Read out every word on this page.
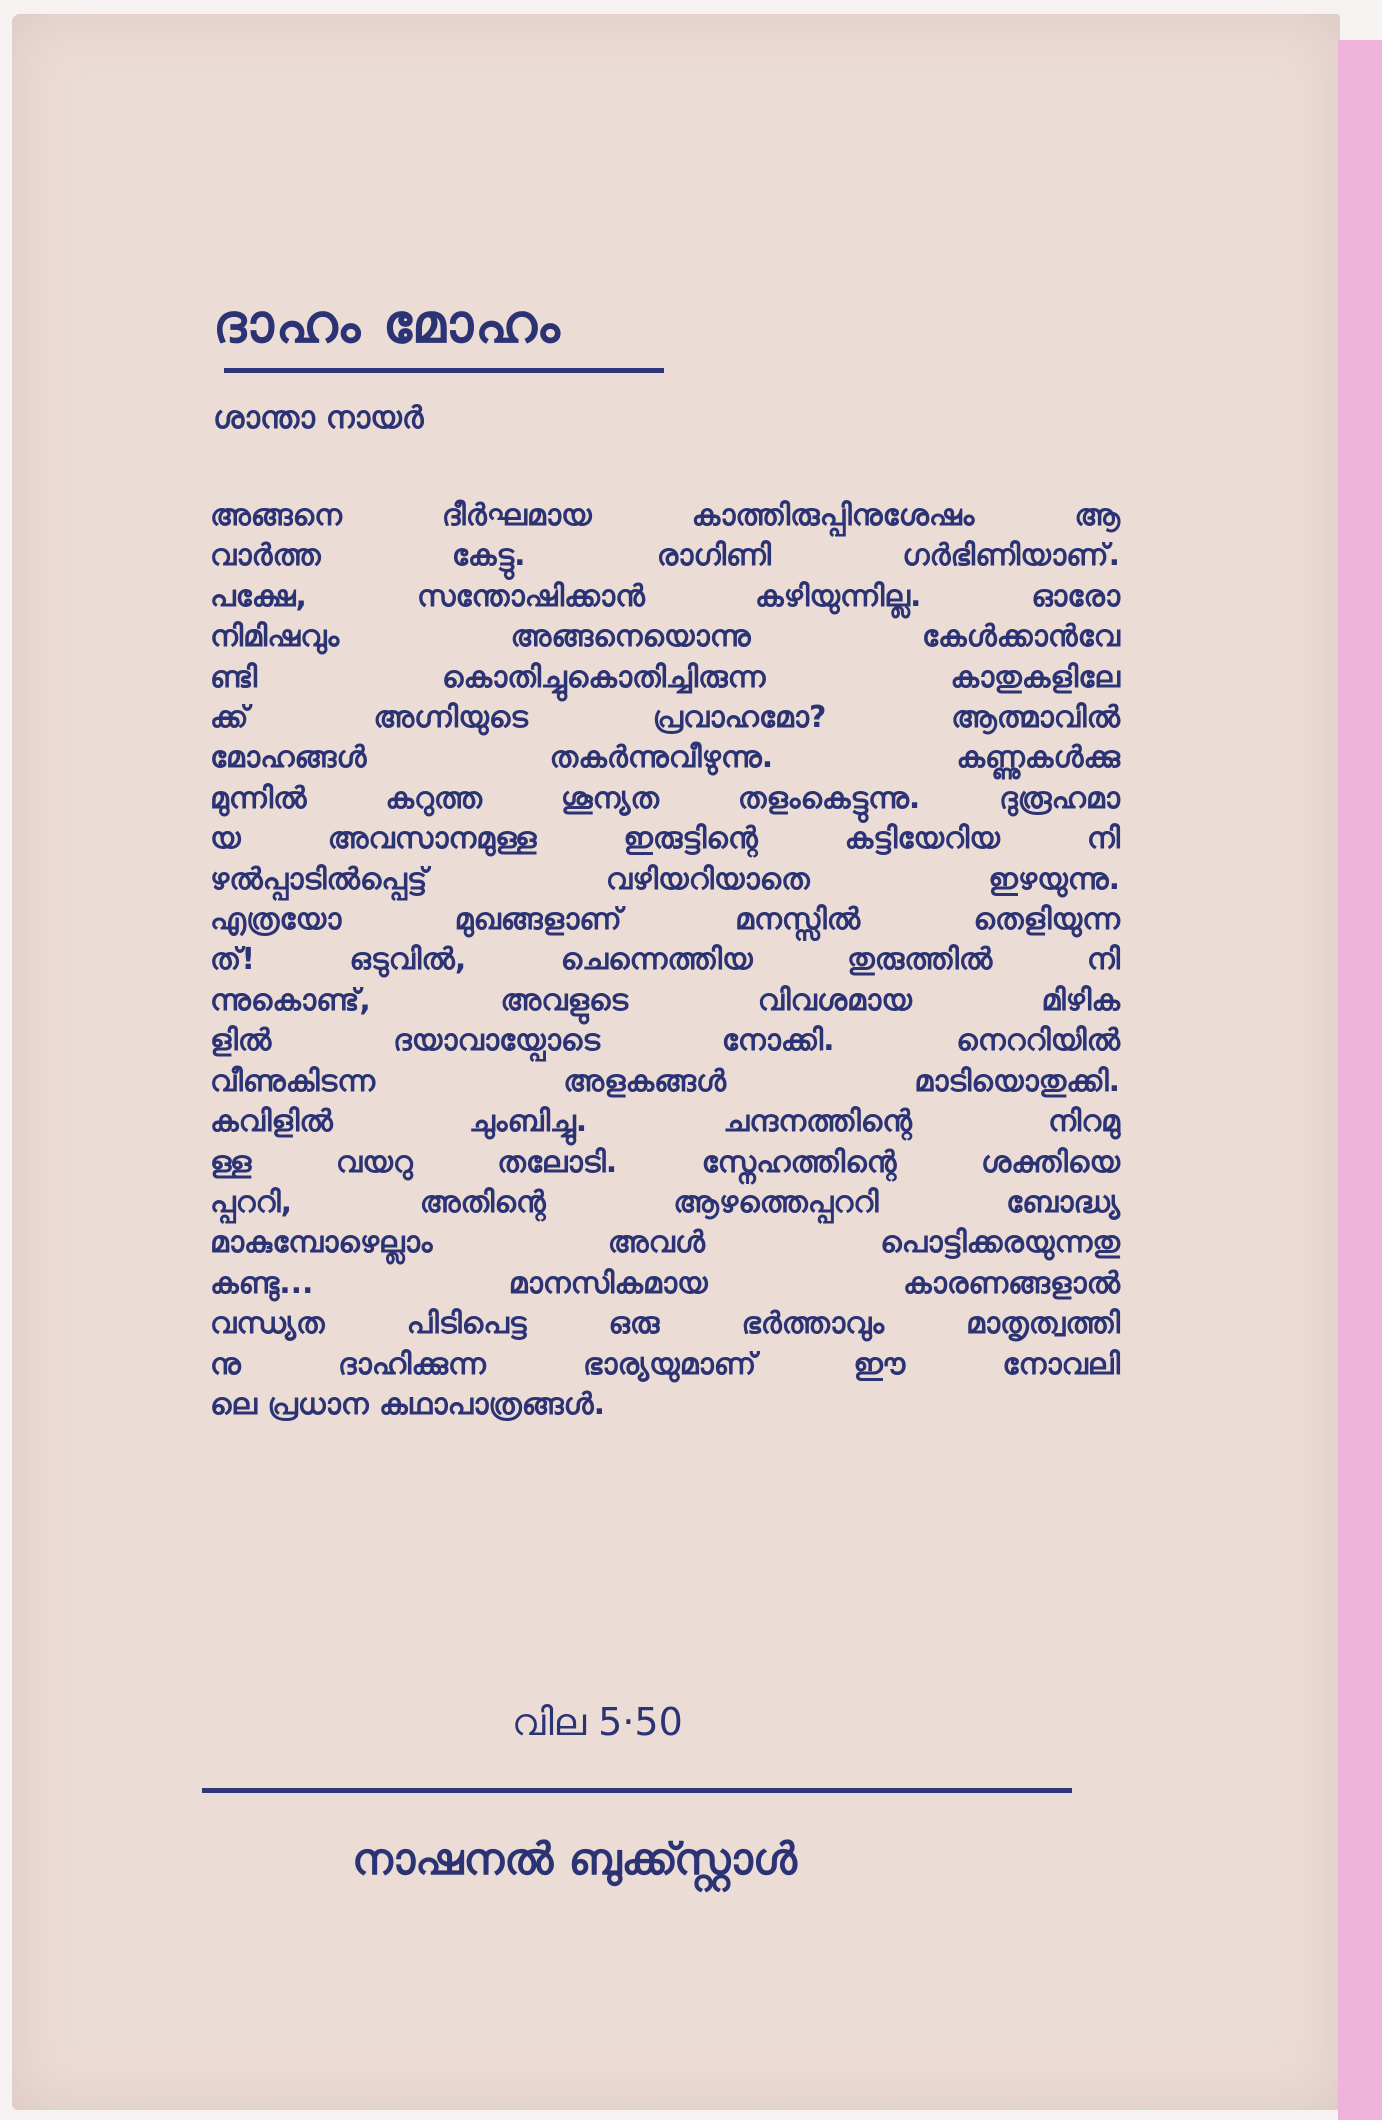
ദാഹം മോഹം
ശാന്താ നായർ
അങ്ങനെ ദീർഘമായ കാത്തിരുപ്പിനുശേഷം ആ
വാർത്ത കേട്ടു. രാഗിണി ഗർഭിണിയാണ്.
പക്ഷേ, സന്തോഷിക്കാൻ കഴിയുന്നില്ല. ഓരോ
നിമിഷവും അങ്ങനെയൊന്നു കേൾക്കാൻവേ
ണ്ടി കൊതിച്ചുകൊതിച്ചിരുന്ന കാതുകളിലേ
ക്ക് അഗ്നിയുടെ പ്രവാഹമോ? ആത്മാവിൽ
മോഹങ്ങൾ തകർന്നുവീഴുന്നു. കണ്ണുകൾക്കു
മുന്നിൽ കറുത്ത ശൂന്യത തളംകെട്ടുന്നു. ദുരൂഹമാ
യ അവസാനമുള്ള ഇരുട്ടിന്റെ കട്ടിയേറിയ നി
ഴൽപ്പാടിൽപ്പെട്ട് വഴിയറിയാതെ ഇഴയുന്നു.
എത്രയോ മുഖങ്ങളാണ് മനസ്സിൽ തെളിയുന്ന
ത്! ഒടുവിൽ, ചെന്നെത്തിയ തുരുത്തിൽ നി
ന്നുകൊണ്ട്, അവളുടെ വിവശമായ മിഴിക
ളിൽ ദയാവായ്പോടെ നോക്കി. നെററിയിൽ
വീണുകിടന്ന അളകങ്ങൾ മാടിയൊതുക്കി.
കവിളിൽ ചുംബിച്ചു. ചന്ദനത്തിന്റെ നിറമു
ള്ള വയറു തലോടി. സ്നേഹത്തിന്റെ ശക്തിയെ
പ്പററി, അതിന്റെ ആഴത്തെപ്പററി ബോദ്ധ്യ
മാകുമ്പോഴെല്ലാം അവൾ പൊട്ടിക്കരയുന്നതു
കണ്ടു... മാനസികമായ കാരണങ്ങളാൽ
വന്ധ്യത പിടിപെട്ട ഒരു ഭർത്താവും മാതൃത്വത്തി
നു ദാഹിക്കുന്ന ഭാര്യയുമാണ് ഈ നോവലി
ലെ പ്രധാന കഥാപാത്രങ്ങൾ.
വില 5·50
നാഷനൽ ബുക്ക്സ്റ്റാൾ
